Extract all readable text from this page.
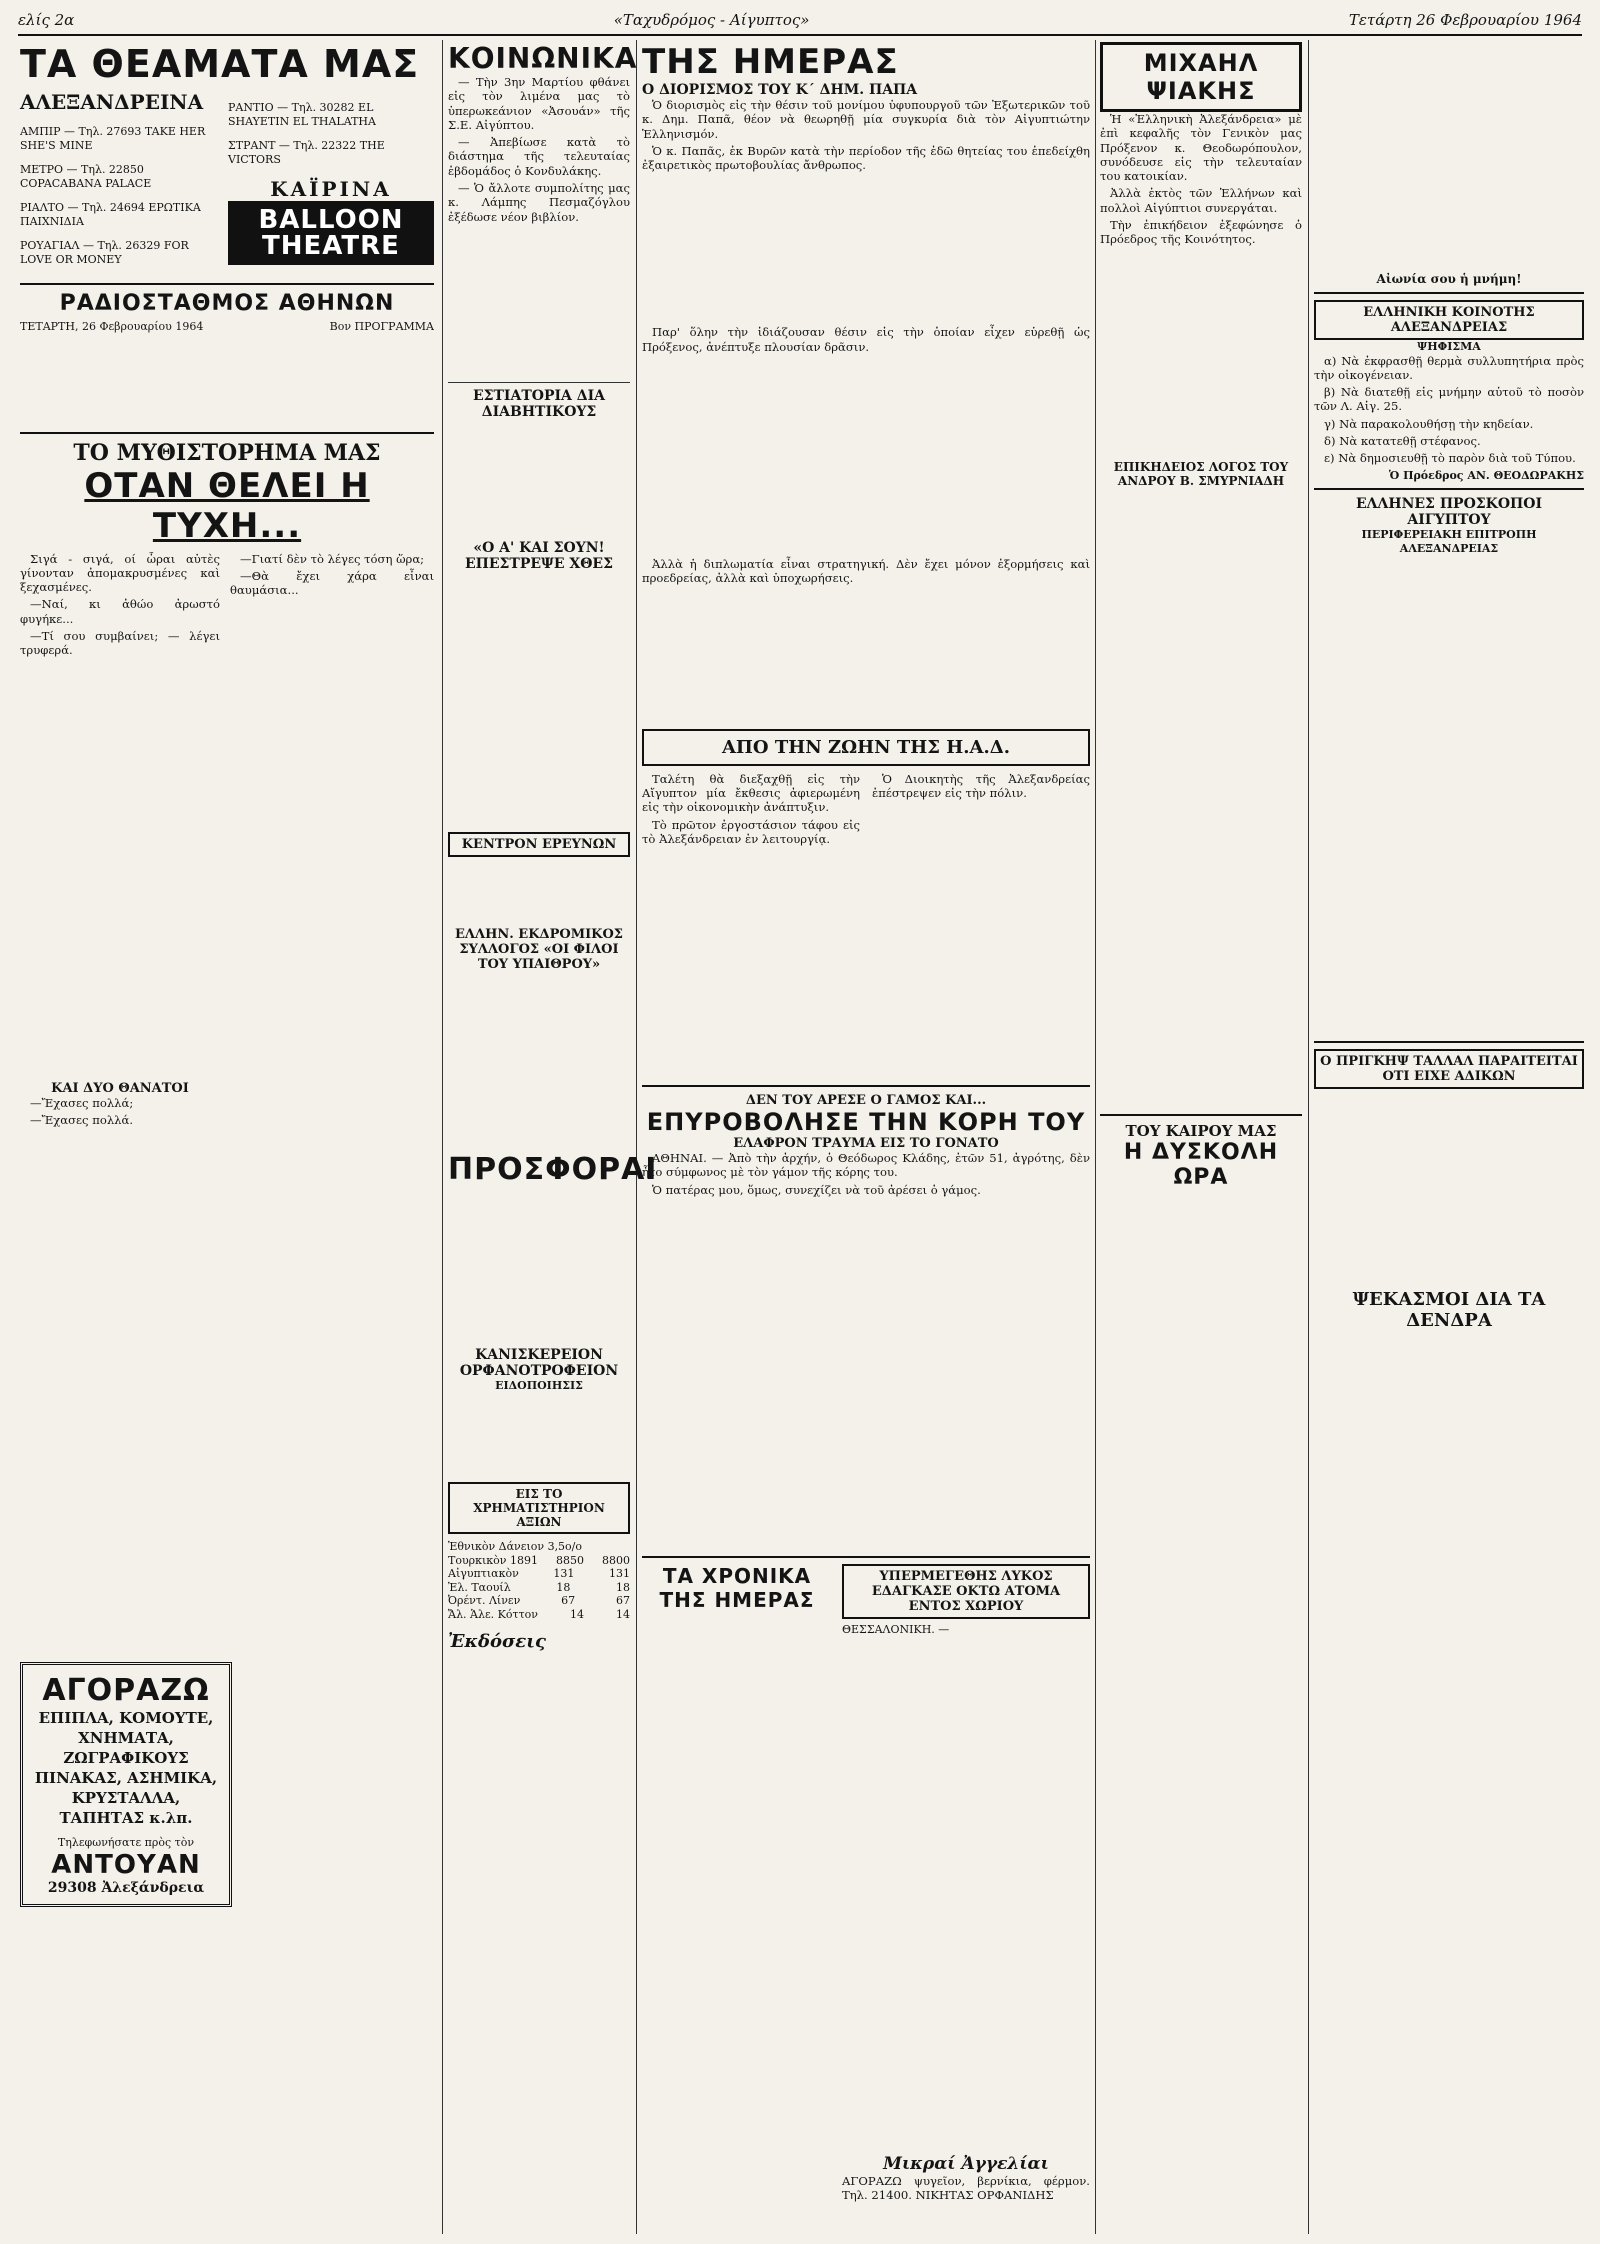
ελίς 2α	«Ταχυδρόμος - Αίγυπτος»	Τετάρτη 26 Φεβρουαρίου 1964
ΤΑ ΘΕΑΜΑΤΑ ΜΑΣ
ΑΛΕΞΑΝΔΡΕΙΝΑ

ΑΜΠΙΡ — Τηλ. 27693 TAKE HER SHE'S MINE

ΜΕΤΡΟ — Τηλ. 22850 COPACABANA PALACE

ΡΙΑΛΤΟ — Τηλ. 24694 ΕΡΩΤΙΚΑ ΠΑΙΧΝΙΔΙΑ

ΡΟΥΑΓΙΑΛ — Τηλ. 26329 FOR LOVE OR MONEY

ΡΑΝΤΙΟ — Τηλ. 30282 EL SHAYETIN EL THALATHA

ΣΤΡΑΝΤ — Τηλ. 22322 ΤΗΕ VICTORS

ΚΑΪΡΙΝΑ
BALLOON THEATRE
ΡΑΔΙΟΣΤΑΘΜΟΣ ΑΘΗΝΩΝ
ΤΕΤΑΡΤΗ, 26 Φεβρουαρίου 1964	Βον ΠΡΟΓΡΑΜΜΑ
ΤΟ ΜΥΘΙΣΤΟΡΗΜΑ ΜΑΣ
ΟΤΑΝ ΘΕΛΕΙ Η ΤΥΧΗ...

Σιγά - σιγά, οί ὧραι αὐτὲς γίνονταν ἀπομακρυσμένες καὶ ξεχασμένες.

—Ναί, κι ἀθώο ἀρωστό φυγήκε...

—Τί σου συμβαίνει; — λέγει τρυφερά.

ΚΑΙ ΔΥΟ ΘΑΝΑΤΟΙ

—Ἔχασες πολλά;

—Ἔχασες πολλά.

—Γιατί δὲν τὸ λέγες τόση ὥρα;

—Θὰ ἔχει χάρα εἶναι θαυμάσια...

ΑΓΟΡΑΖΩ
ΕΠΙΠΛΑ, ΚΟΜΟΥΤΕ, ΧΝΗΜΑΤΑ, ΖΩΓΡΑΦΙΚΟΥΣ ΠΙΝΑΚΑΣ, ΑΣΗΜΙΚΑ, ΚΡΥΣΤΑΛΛΑ, ΤΑΠΗΤΑΣ κ.λπ.
Τηλεφωνήσατε πρὸς τὸν
ΑΝΤΟΥΑΝ
29308 Ἀλεξάνδρεια
ΚΟΙΝΩΝΙΚΑ

— Τὴν 3ην Μαρτίου φθάνει εἰς τὸν λιμένα μας τὸ ὑπερωκεάνιον «Ἀσουάν» τῆς Σ.Ε. Αἰγύπτου.

— Ἀπεβίωσε κατὰ τὸ διάστημα τῆς τελευταίας ἑβδομάδος ὁ Κονδυλάκης.

— Ὁ ἄλλοτε συμπολίτης μας κ. Λάμπης Πεσμαζόγλου ἐξέδωσε νέον βιβλίον.

ΕΣΤΙΑΤΟΡΙΑ ΔΙΑ ΔΙΑΒΗΤΙΚΟΥΣ
«Ο Α' ΚΑΙ ΣΟΥΝ! ΕΠΕΣΤΡΕΨΕ ΧΘΕΣ
ΚΕΝΤΡΟΝ ΕΡΕΥΝΩΝ
ΕΛΛΗΝ. ΕΚΔΡΟΜΙΚΟΣ ΣΥΛΛΟΓΟΣ «ΟΙ ΦΙΛΟΙ ΤΟΥ ΥΠΑΙΘΡΟΥ»
ΠΡΟΣΦΟΡΑΙ
ΚΑΝΙΣΚΕΡΕΙΟΝ ΟΡΦΑΝΟΤΡΟΦΕΙΟΝ
ΕΙΔΟΠΟΙΗΣΙΣ
ΕΙΣ ΤΟ ΧΡΗΜΑΤΙΣΤΗΡΙΟΝ ΑΞΙΩΝ
Ἐθνικὸν Δάνειον 3,5ο/ο
Τουρκικὸν 1891 8850 8800
Αἰγυπτιακὸν	131	131
Ἐλ. Ταουίλ	18	18
Ὀρέντ. Λίνεν	67	67
Ἄλ. Ἁλε. Κόττον	14	14
Ἐκδόσεις
ΤΗΣ ΗΜΕΡΑΣ
Ο ΔΙΟΡΙΣΜΟΣ ΤΟΥ Κ΄ ΔΗΜ. ΠΑΠΑ

Ὁ διορισμὸς εἰς τὴν θέσιν τοῦ μονίμου ὑφυπουργοῦ τῶν Ἐξωτερικῶν τοῦ κ. Δημ. Παπᾶ, θέον νὰ θεωρηθῇ μία συγκυρία διὰ τὸν Αἰγυπτιώτην Ἑλληνισμόν.

Ὁ κ. Παπᾶς, ἐκ Βυρῶν κατὰ τὴν περίοδον τῆς ἐδῶ θητείας του ἐπεδείχθη ἐξαιρετικὸς πρωτοβουλίας ἄνθρωπος.

Παρ' ὅλην τὴν ἰδιάζουσαν θέσιν εἰς τὴν ὁποίαν εἶχεν εὑρεθῇ ὡς Πρόξενος, ἀνέπτυξε πλουσίαν δρᾶσιν.

Ἀλλὰ ἡ διπλωματία εἶναι στρατηγική. Δὲν ἔχει μόνον ἐξορμήσεις καὶ προεδρείας, ἀλλὰ καὶ ὑποχωρήσεις.

ΑΠΟ ΤΗΝ ΖΩΗΝ ΤΗΣ Η.Α.Δ.

Ταλέτη θὰ διεξαχθῇ εἰς τὴν Αἴγυπτον μία ἔκθεσις ἀφιερωμένη εἰς τὴν οἰκονομικὴν ἀνάπτυξιν.

Τὸ πρῶτον ἐργοστάσιον τάφου εἰς τὸ Ἀλεξάνδρειαν ἐν λειτουργίᾳ.

Ὁ Διοικητὴς τῆς Ἀλεξανδρείας ἐπέστρεψεν εἰς τὴν πόλιν.

ΔΕΝ ΤΟΥ ΑΡΕΣΕ Ο ΓΑΜΟΣ ΚΑΙ...
ΕΠΥΡΟΒΟΛΗΣΕ ΤΗΝ ΚΟΡΗ ΤΟΥ
ΕΛΑΦΡΟΝ ΤΡΑΥΜΑ ΕΙΣ ΤΟ ΓΟΝΑΤΟ

ΑΘΗΝΑΙ. — Ἀπὸ τὴν ἀρχήν, ὁ Θεόδωρος Κλάδης, ἐτῶν 51, ἀγρότης, δὲν ἦτο σύμφωνος μὲ τὸν γάμον τῆς κόρης του.

Ὁ πατέρας μου, ὅμως, συνεχίζει νὰ τοῦ ἀρέσει ὁ γάμος.

ΤΑ ΧΡΟΝΙΚΑ ΤΗΣ ΗΜΕΡΑΣ
ΥΠΕΡΜΕΓΕΘΗΣ ΛΥΚΟΣ ΕΔΑΓΚΑΣΕ ΟΚΤΩ ΑΤΟΜΑ ΕΝΤΟΣ ΧΩΡΙΟΥ
ΘΕΣΣΑΛΟΝΙΚΗ. —
Μικραί Ἀγγελίαι

ΑΓΟΡΑΖΩ ψυγεῖον, βερνίκια, φέρμον. Τηλ. 21400. ΝΙΚΗΤΑΣ ΟΡΦΑΝΙΔΗΣ

ΜΙΧΑΗΛ ΨΙΑΚΗΣ

Ἡ «Ἑλληνικὴ Ἀλεξάνδρεια» μὲ ἐπὶ κεφαλῆς τὸν Γενικὸν μας Πρόξενον κ. Θεοδωρόπουλον, συνόδευσε εἰς τὴν τελευταίαν του κατοικίαν.

Ἀλλὰ ἐκτὸς τῶν Ἑλλήνων καὶ πολλοὶ Αἰγύπτιοι συνεργάται.

Τὴν ἐπικήδειον ἐξεφώνησε ὁ Πρόεδρος τῆς Κοινότητος.

ΕΠΙΚΗΔΕΙΟΣ ΛΟΓΟΣ ΤΟΥ ΑΝΔΡΟΥ Β. ΣΜΥΡΝΙΑΔΗ
ΤΟΥ ΚΑΙΡΟΥ ΜΑΣ
Η ΔΥΣΚΟΛΗ ΩΡΑ
Αἰωνία σου ἡ μνήμη!
ΕΛΛΗΝΙΚΗ ΚΟΙΝΟΤΗΣ ΑΛΕΞΑΝΔΡΕΙΑΣ
ΨΗΦΙΣΜΑ

α) Νὰ ἐκφρασθῇ θερμὰ συλλυπητήρια πρὸς τὴν οἰκογένειαν.

β) Νὰ διατεθῇ εἰς μνήμην αὐτοῦ τὸ ποσὸν τῶν Λ. Αἰγ. 25.

γ) Νὰ παρακολουθήσῃ τὴν κηδείαν.

δ) Νὰ κατατεθῇ στέφανος.

ε) Νὰ δημοσιευθῇ τὸ παρὸν διὰ τοῦ Τύπου.

Ὁ Πρόεδρος ΑΝ. ΘΕΟΔΩΡΑΚΗΣ
ΕΛΛΗΝΕΣ ΠΡΟΣΚΟΠΟΙ ΑΙΓΥΠΤΟΥ
ΠΕΡΙΦΕΡΕΙΑΚΗ ΕΠΙΤΡΟΠΗ ΑΛΕΞΑΝΔΡΕΙΑΣ
Ο ΠΡΙΓΚΗΨ ΤΑΛΛΑΛ ΠΑΡΑΙΤΕΙΤΑΙ ΟΤΙ ΕΙΧΕ ΑΔΙΚΩΝ
ΨΕΚΑΣΜΟΙ ΔΙΑ ΤΑ ΔΕΝΔΡΑ
